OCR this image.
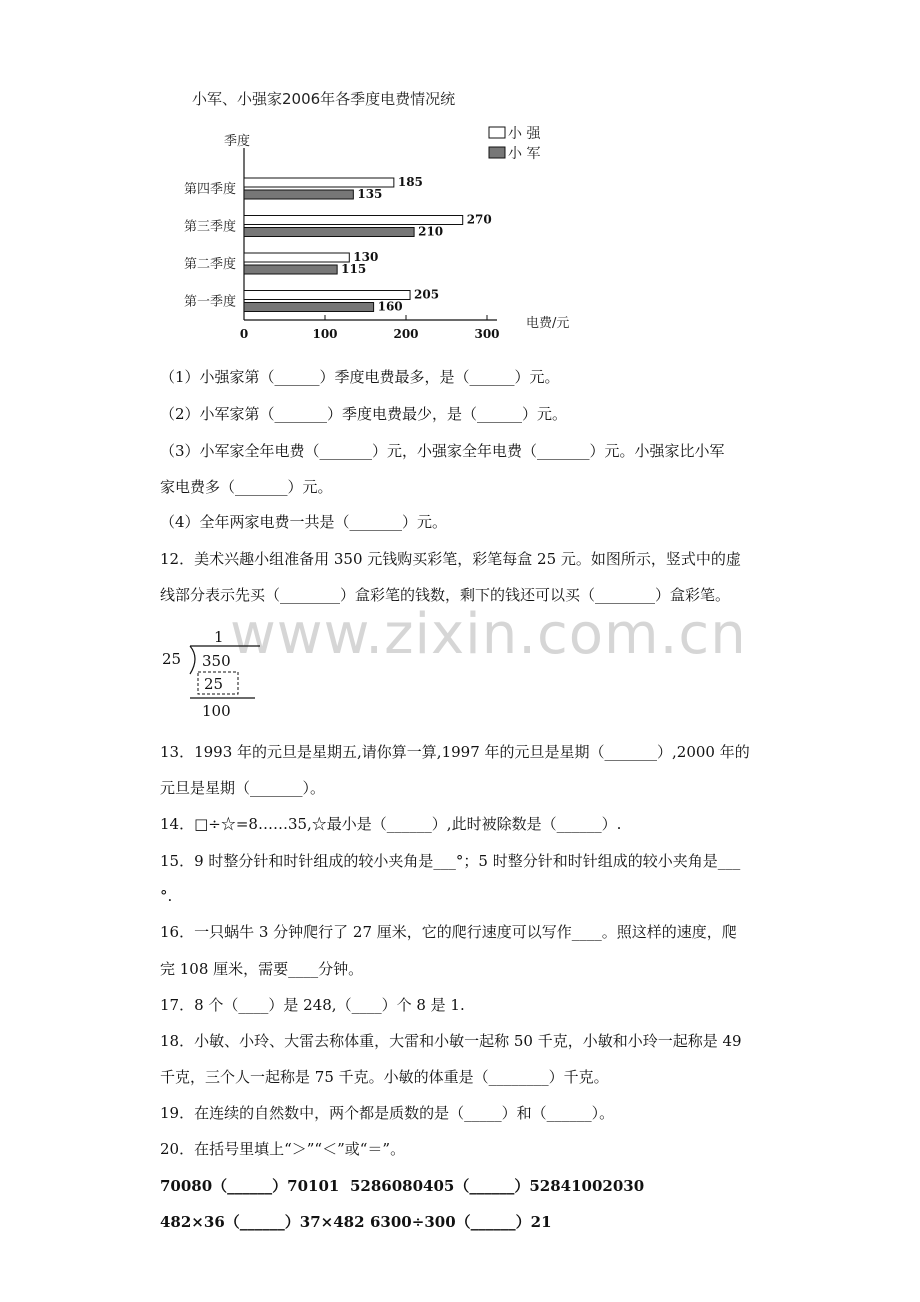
小军、小强家2006年各季度电费情况统
季度
0	100	200	300
电费/元
小 强
小 军
第四季度	185
135
第三季度	270
210
第二季度	130
115
第一季度	205
160
（1）小强家第（______）季度电费最多，是（______）元。
（2）小军家第（_______）季度电费最少，是（______）元。
（3）小军家全年电费（_______）元，小强家全年电费（_______）元。小强家比小军
家电费多（_______）元。
（4）全年两家电费一共是（_______）元。
12．美术兴趣小组准备用 350 元钱购买彩笔，彩笔每盒 25 元。如图所示，竖式中的虚
线部分表示先买（________）盒彩笔的钱数，剩下的钱还可以买（________）盒彩笔。
www.zixin.com.cn
1
25 350
25
100
13．1993 年的元旦是星期五,请你算一算,1997 年的元旦是星期（_______）,2000 年的
元旦是星期（_______）。
14．□÷☆=8……35,☆最小是（______）,此时被除数是（______）.
15．9 时整分针和时针组成的较小夹角是___°；5 时整分针和时针组成的较小夹角是___
°.
16．一只蜗牛 3 分钟爬行了 27 厘米，它的爬行速度可以写作____。照这样的速度，爬
完 108 厘米，需要____分钟。
17．8 个（____）是 248,（____）个 8 是 1.
18．小敏、小玲、大雷去称体重，大雷和小敏一起称 50 千克，小敏和小玲一起称是 49
千克，三个人一起称是 75 千克。小敏的体重是（________）千克。
19．在连续的自然数中，两个都是质数的是（_____）和（______）。
20．在括号里填上“＞”“＜”或“＝”。
70080（______）70101 5286080405（______）52841002030
482×36（______）37×482 6300÷300（______）21
